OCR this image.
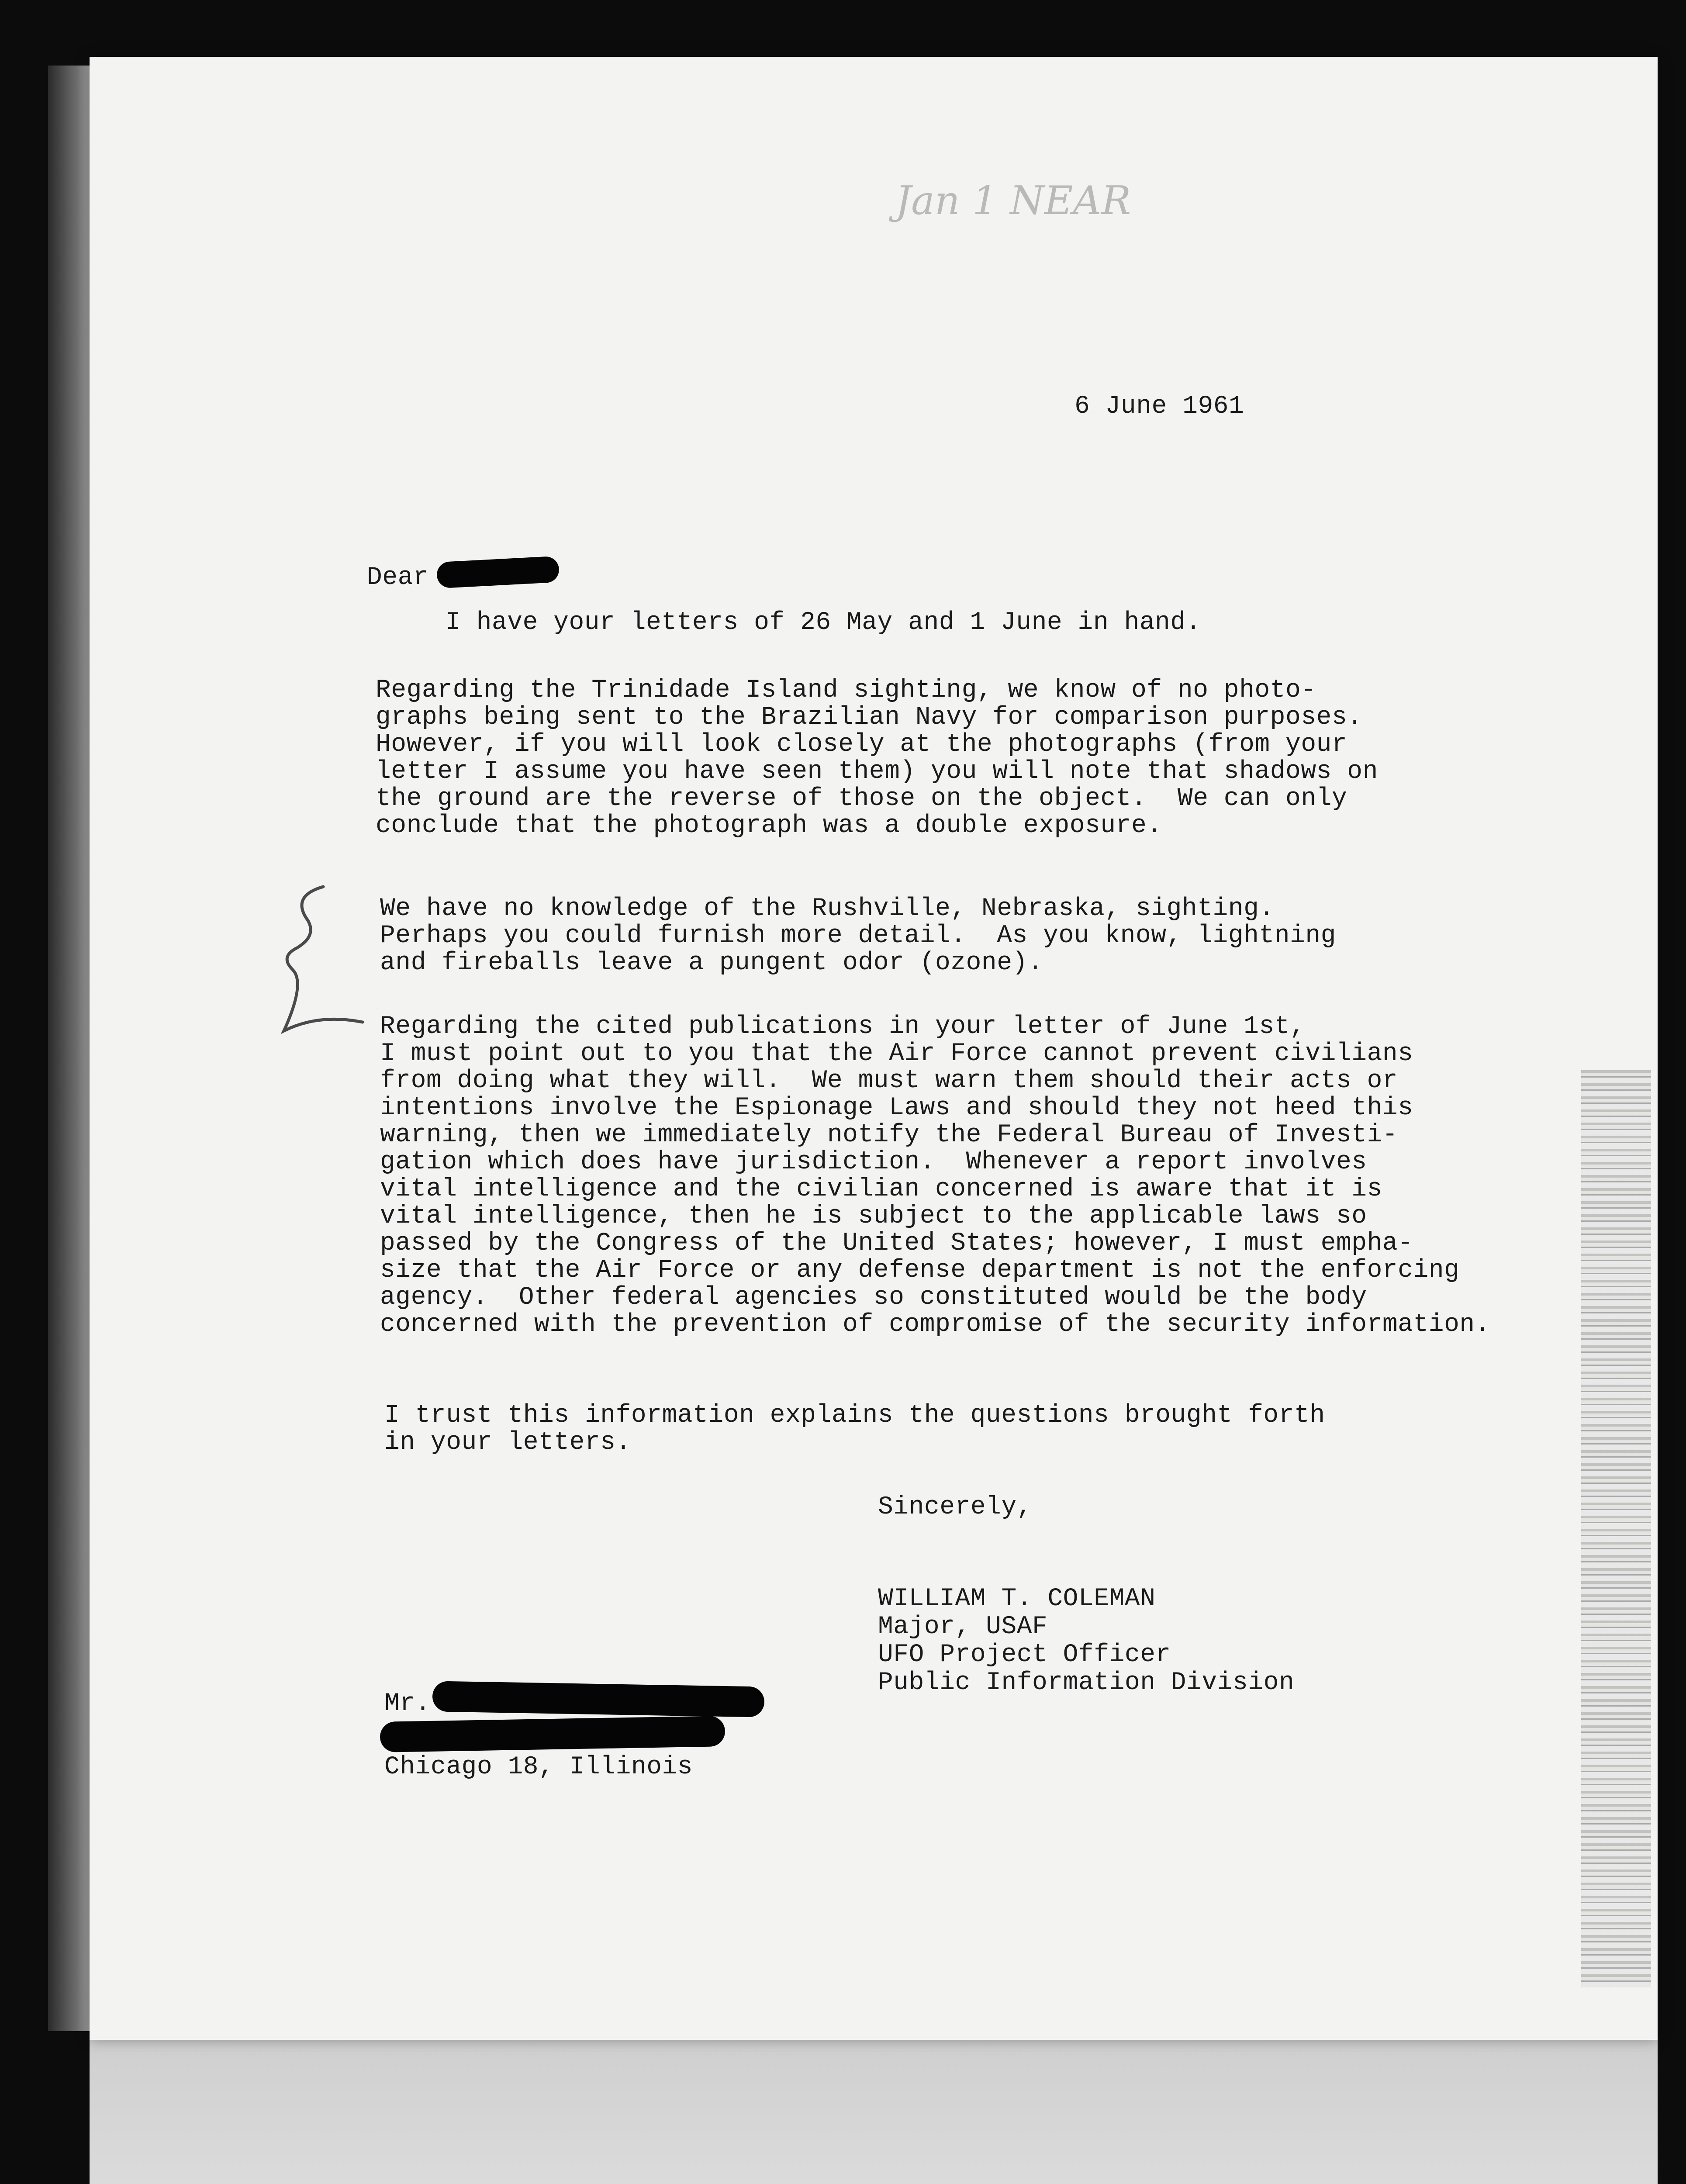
Jan 1 NEAR
6 June 1961
Dear
I have your letters of 26 May and 1 June in hand.
Regarding the Trinidade Island sighting, we know of no photo-
graphs being sent to the Brazilian Navy for comparison purposes.
However, if you will look closely at the photographs (from your
letter I assume you have seen them) you will note that shadows on
the ground are the reverse of those on the object.  We can only
conclude that the photograph was a double exposure.
We have no knowledge of the Rushville, Nebraska, sighting.
Perhaps you could furnish more detail.  As you know, lightning
and fireballs leave a pungent odor (ozone).
Regarding the cited publications in your letter of June 1st,
I must point out to you that the Air Force cannot prevent civilians
from doing what they will.  We must warn them should their acts or
intentions involve the Espionage Laws and should they not heed this
warning, then we immediately notify the Federal Bureau of Investi-
gation which does have jurisdiction.  Whenever a report involves
vital intelligence and the civilian concerned is aware that it is
vital intelligence, then he is subject to the applicable laws so
passed by the Congress of the United States; however, I must empha-
size that the Air Force or any defense department is not the enforcing
agency.  Other federal agencies so constituted would be the body
concerned with the prevention of compromise of the security information.
I trust this information explains the questions brought forth
in your letters.
Sincerely,
WILLIAM T. COLEMAN
Major, USAF
UFO Project Officer
Public Information Division
Mr.
Chicago 18, Illinois
